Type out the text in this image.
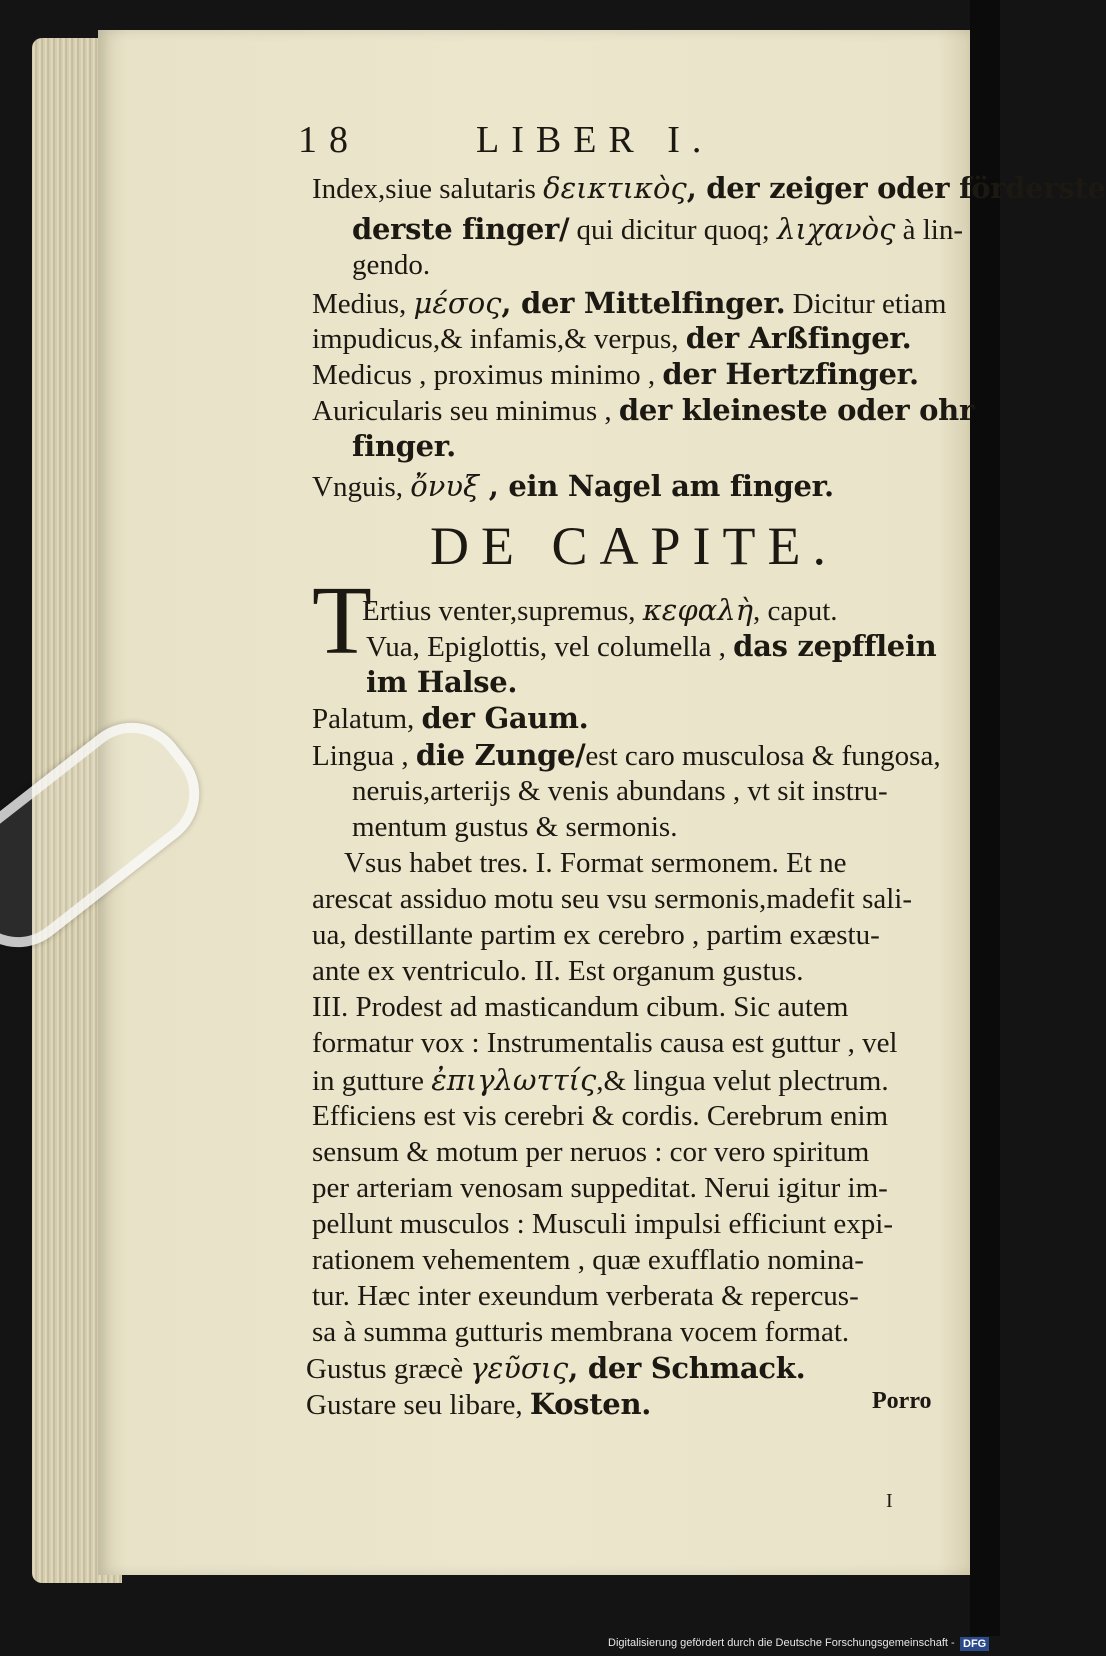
18	LIBER I.
Index,siue salutaris δεικτικὸς, der zeiger oder förderste
derste finger/ qui dicitur quoq; λιχανὸς à lin-
gendo.
Medius, μέσος, der Mittelfinger. Dicitur etiam
impudicus,& infamis,& verpus, der Arßfinger.
Medicus , proximus minimo , der Hertzfinger.
Auricularis seu minimus , der kleineste oder ohr
finger.
Vnguis, ὄνυξ , ein Nagel am finger.
DE CAPITE.
T
Ertius venter,supremus, κεφαλὴ, caput.
Vua, Epiglottis, vel columella , das zepfflein
im Halse.
Palatum, der Gaum.
Lingua , die Zunge/est caro musculosa & fungosa,
neruis,arterijs & venis abundans , vt sit instru-
mentum gustus & sermonis.
Vsus habet tres. I. Format sermonem. Et ne
arescat assiduo motu seu vsu sermonis,madefit sali-
ua, destillante partim ex cerebro , partim exæstu-
ante ex ventriculo. II. Est organum gustus.
III. Prodest ad masticandum cibum. Sic autem
formatur vox : Instrumentalis causa est guttur , vel
in gutture ἐπιγλωττίς,& lingua velut plectrum.
Efficiens est vis cerebri & cordis. Cerebrum enim
sensum & motum per neruos : cor vero spiritum
per arteriam venosam suppeditat. Nerui igitur im-
pellunt musculos : Musculi impulsi efficiunt expi-
rationem vehementem , quæ exufflatio nomina-
tur. Hæc inter exeundum verberata & repercus-
sa à summa gutturis membrana vocem format.
Gustus græcè γεῦσις, der Schmack.
Gustare seu libare, Kosten.	Porro
I
Digitalisierung gefördert durch die Deutsche Forschungsgemeinschaft - DFG
